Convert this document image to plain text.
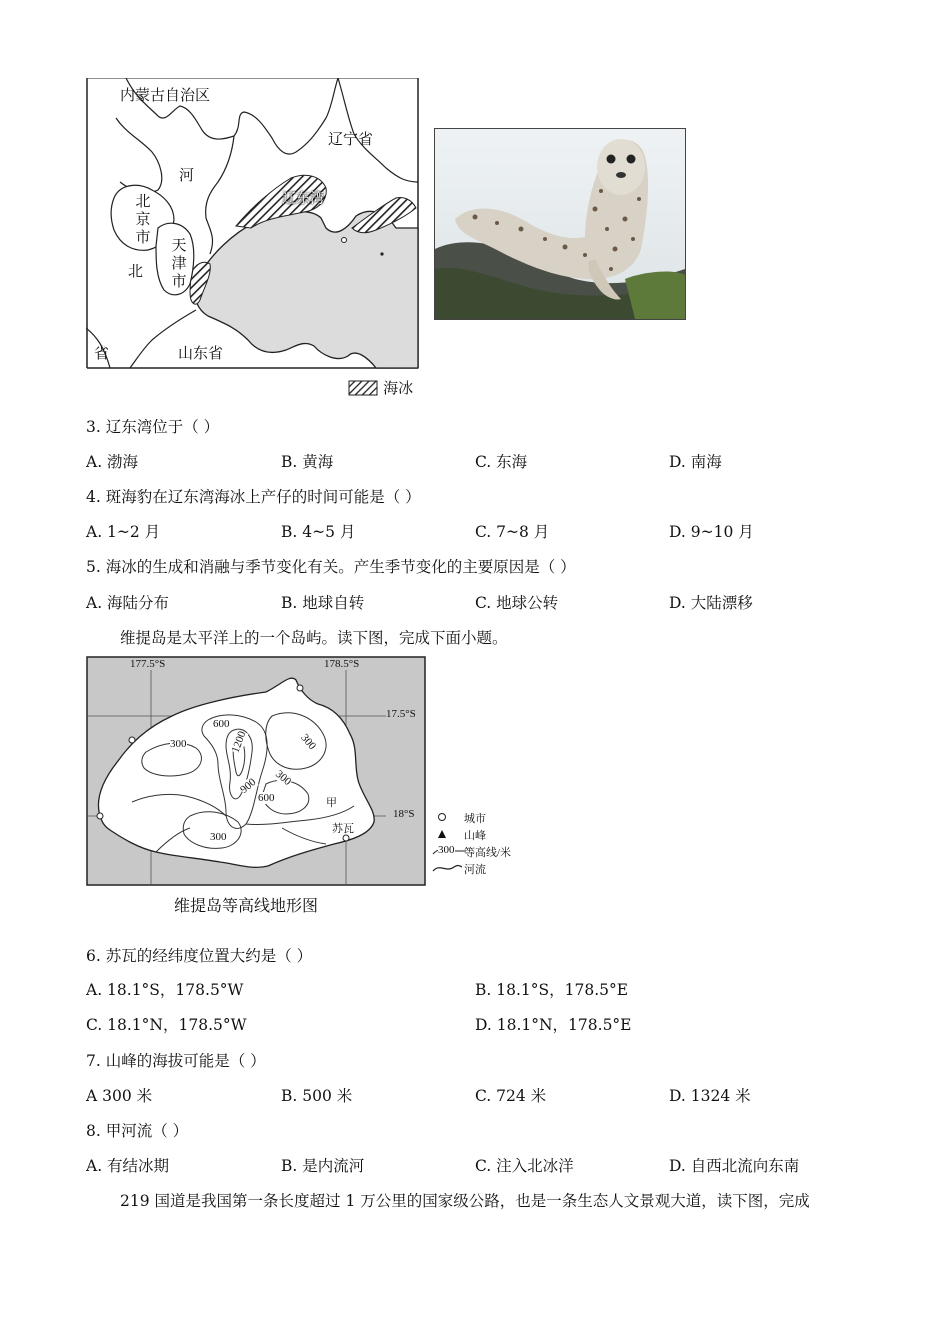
内蒙古自治区
辽宁省
河
北
京
市 天
津
市
北
省	山东省
辽东湾
海冰
3. 辽东湾位于（ ）
A. 渤海	B. 黄海	C. 东海	D. 南海
4. 斑海豹在辽东湾海冰上产仔的时间可能是（ ）
A. 1~2 月	B. 4~5 月	C. 7~8 月	D. 9~10 月
5. 海冰的生成和消融与季节变化有关。产生季节变化的主要原因是（ ）
A. 海陆分布	B. 地球自转	C. 地球公转	D. 大陆漂移
维提岛是太平洋上的一个岛屿。读下图，完成下面小题。
177.5°S	178.5°S
17.5°S
18°S
600
1200
300	300
300
900
600
300
甲
苏瓦
城市
山峰
300 等高线/米
河流
维提岛等高线地形图
6. 苏瓦的经纬度位置大约是（ ）
A. 18.1°S，178.5°W	B. 18.1°S，178.5°E
C. 18.1°N，178.5°W	D. 18.1°N，178.5°E
7. 山峰的海拔可能是（ ）
A 300 米	B. 500 米	C. 724 米	D. 1324 米
8. 甲河流（ ）
A. 有结冰期	B. 是内流河	C. 注入北冰洋	D. 自西北流向东南
219 国道是我国第一条长度超过 1 万公里的国家级公路，也是一条生态人文景观大道，读下图，完成
